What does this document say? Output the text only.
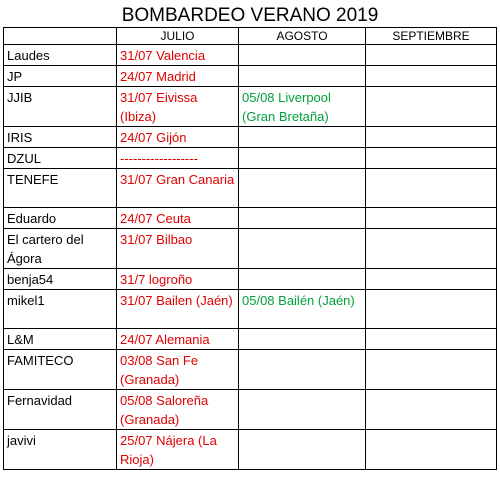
BOMBARDEO VERANO 2019			
	JULIO	AGOSTO	SEPTIEMBRE
Laudes	31/07 Valencia		
JP	24/07 Madrid		
JJIB	31/07 Eivissa (Ibiza)	05/08 Liverpool (Gran Bretaña)	
IRIS	24/07 Gijón		
DZUL	------------------		
TENEFE	31/07 Gran Canaria		
Eduardo	24/07 Ceuta		
El cartero del Ágora	31/07 Bilbao		
benja54	31/7 logroño		
mikel1	31/07 Bailen (Jaén)	05/08 Bailén (Jaén)	
L&M	24/07 Alemania		
FAMITECO	03/08 San Fe (Granada)		
Fernavidad	05/08 Saloreña (Granada)		
javivi	25/07 Nájera (La Rioja)		
